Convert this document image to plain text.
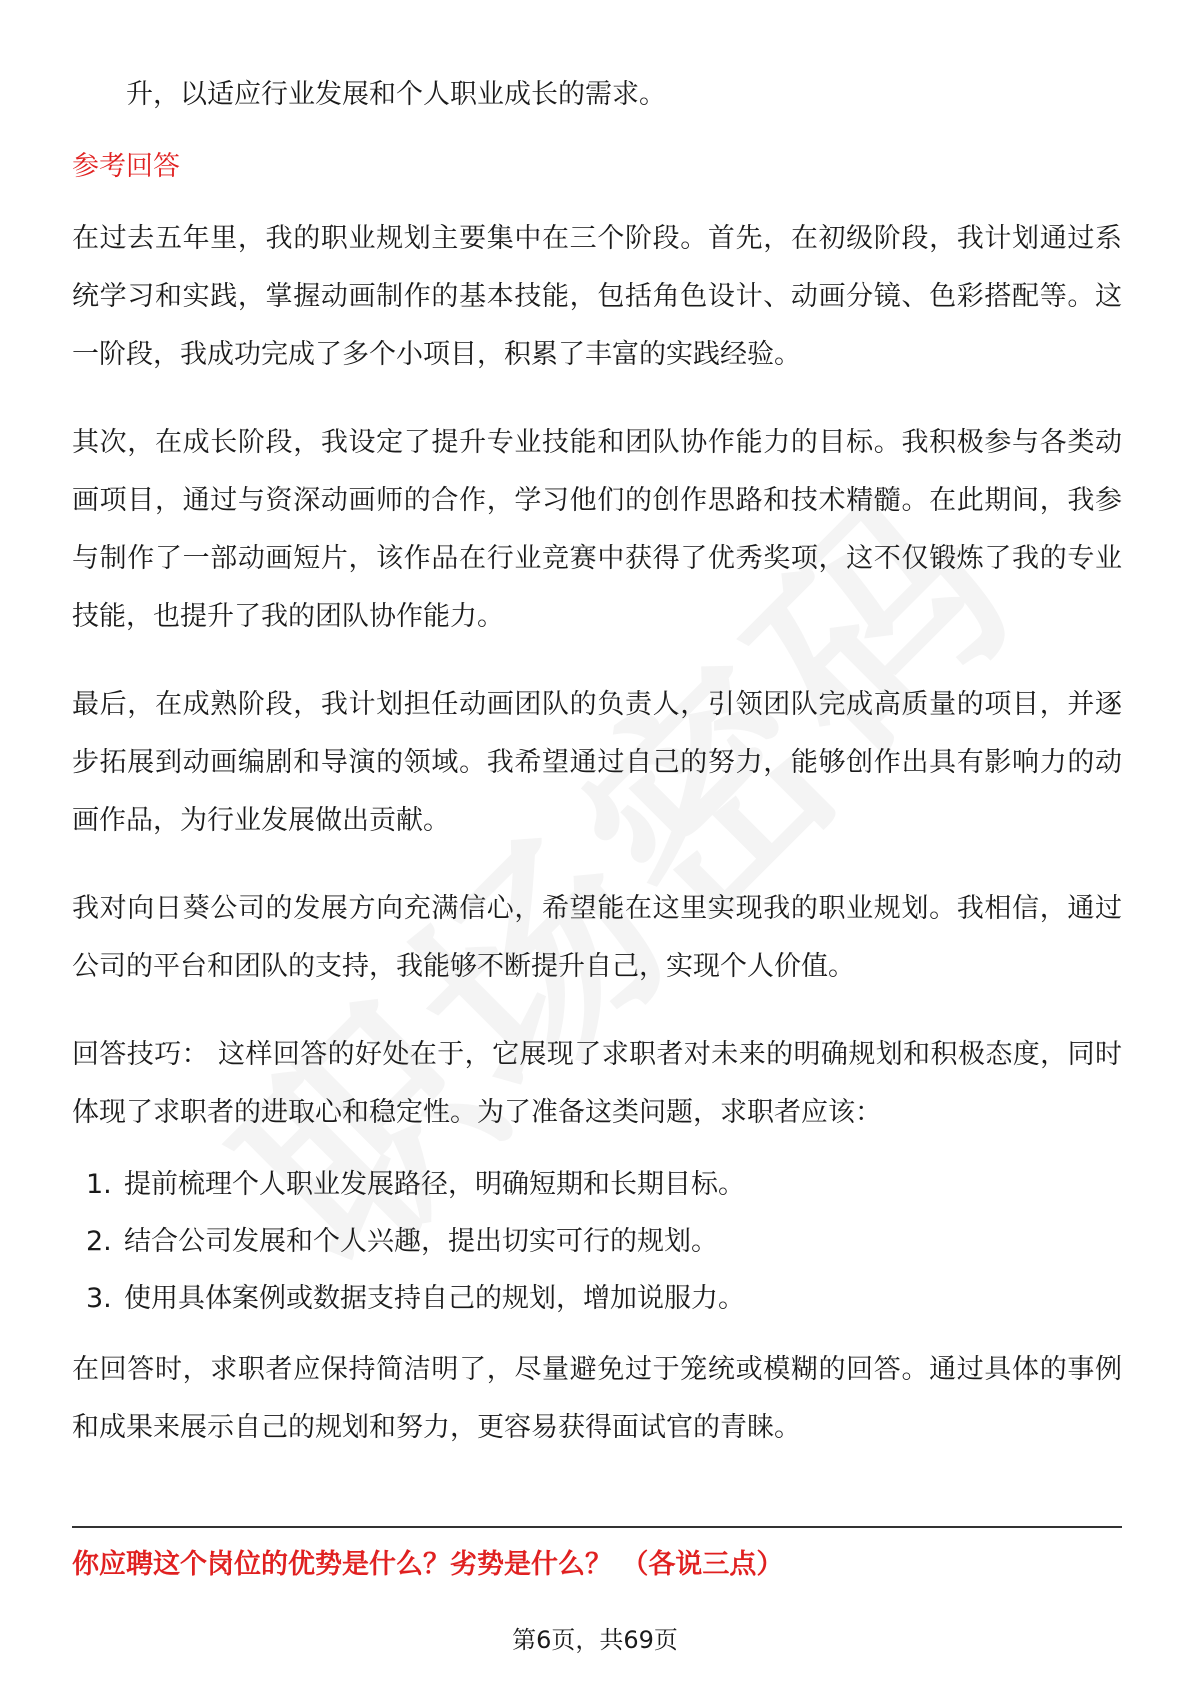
升，以适应行业发展和个人职业成长的需求。

参考回答

在过去五年里，我的职业规划主要集中在三个阶段。首先，在初级阶段，我计划通过系统学习和实践，掌握动画制作的基本技能，包括角色设计、动画分镜、色彩搭配等。这一阶段，我成功完成了多个小项目，积累了丰富的实践经验。

其次，在成长阶段，我设定了提升专业技能和团队协作能力的目标。我积极参与各类动画项目，通过与资深动画师的合作，学习他们的创作思路和技术精髓。在此期间，我参与制作了一部动画短片，该作品在行业竞赛中获得了优秀奖项，这不仅锻炼了我的专业技能，也提升了我的团队协作能力。

最后，在成熟阶段，我计划担任动画团队的负责人，引领团队完成高质量的项目，并逐步拓展到动画编剧和导演的领域。我希望通过自己的努力，能够创作出具有影响力的动画作品，为行业发展做出贡献。

我对向日葵公司的发展方向充满信心，希望能在这里实现我的职业规划。我相信，通过公司的平台和团队的支持，我能够不断提升自己，实现个人价值。

回答技巧： 这样回答的好处在于，它展现了求职者对未来的明确规划和积极态度，同时体现了求职者的进取心和稳定性。为了准备这类问题，求职者应该：

1. 提前梳理个人职业发展路径，明确短期和长期目标。
2. 结合公司发展和个人兴趣，提出切实可行的规划。
3. 使用具体案例或数据支持自己的规划，增加说服力。

在回答时，求职者应保持简洁明了，尽量避免过于笼统或模糊的回答。通过具体的事例和成果来展示自己的规划和努力，更容易获得面试官的青睐。

你应聘这个岗位的优势是什么？劣势是什么？ （各说三点）

第6页，共69页
